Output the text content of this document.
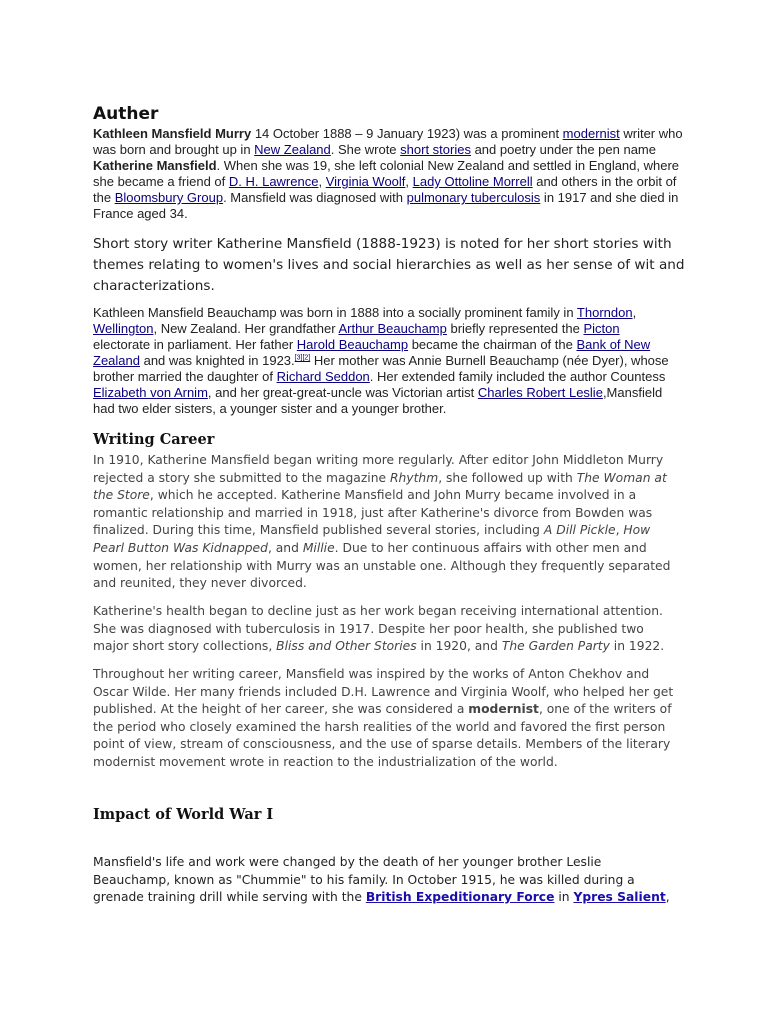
Auther

Kathleen Mansfield Murry 14 October 1888 – 9 January 1923) was a prominent modernist writer who was born and brought up in New Zealand. She wrote short stories and poetry under the pen name Katherine Mansfield. When she was 19, she left colonial New Zealand and settled in England, where she became a friend of D. H. Lawrence, Virginia Woolf, Lady Ottoline Morrell and others in the orbit of the Bloomsbury Group. Mansfield was diagnosed with pulmonary tuberculosis in 1917 and she died in France aged 34.

Short story writer Katherine Mansfield (1888-1923) is noted for her short stories with themes relating to women's lives and social hierarchies as well as her sense of wit and characterizations.

Kathleen Mansfield Beauchamp was born in 1888 into a socially prominent family in Thorndon, Wellington, New Zealand. Her grandfather Arthur Beauchamp briefly represented the Picton electorate in parliament. Her father Harold Beauchamp became the chairman of the Bank of New Zealand and was knighted in 1923.[3][2] Her mother was Annie Burnell Beauchamp (née Dyer), whose brother married the daughter of Richard Seddon. Her extended family included the author Countess Elizabeth von Arnim, and her great-great-uncle was Victorian artist Charles Robert Leslie,Mansfield had two elder sisters, a younger sister and a younger brother.

Writing Career

In 1910, Katherine Mansfield began writing more regularly. After editor John Middleton Murry rejected a story she submitted to the magazine Rhythm, she followed up with The Woman at the Store, which he accepted. Katherine Mansfield and John Murry became involved in a romantic relationship and married in 1918, just after Katherine's divorce from Bowden was finalized. During this time, Mansfield published several stories, including A Dill Pickle, How Pearl Button Was Kidnapped, and Millie. Due to her continuous affairs with other men and women, her relationship with Murry was an unstable one. Although they frequently separated and reunited, they never divorced.

Katherine's health began to decline just as her work began receiving international attention. She was diagnosed with tuberculosis in 1917. Despite her poor health, she published two major short story collections, Bliss and Other Stories in 1920, and The Garden Party in 1922.

Throughout her writing career, Mansfield was inspired by the works of Anton Chekhov and Oscar Wilde. Her many friends included D.H. Lawrence and Virginia Woolf, who helped her get published. At the height of her career, she was considered a modernist, one of the writers of the period who closely examined the harsh realities of the world and favored the first person point of view, stream of consciousness, and the use of sparse details. Members of the literary modernist movement wrote in reaction to the industrialization of the world.

Impact of World War I

Mansfield's life and work were changed by the death of her younger brother Leslie Beauchamp, known as "Chummie" to his family. In October 1915, he was killed during a grenade training drill while serving with the British Expeditionary Force in Ypres Salient,
